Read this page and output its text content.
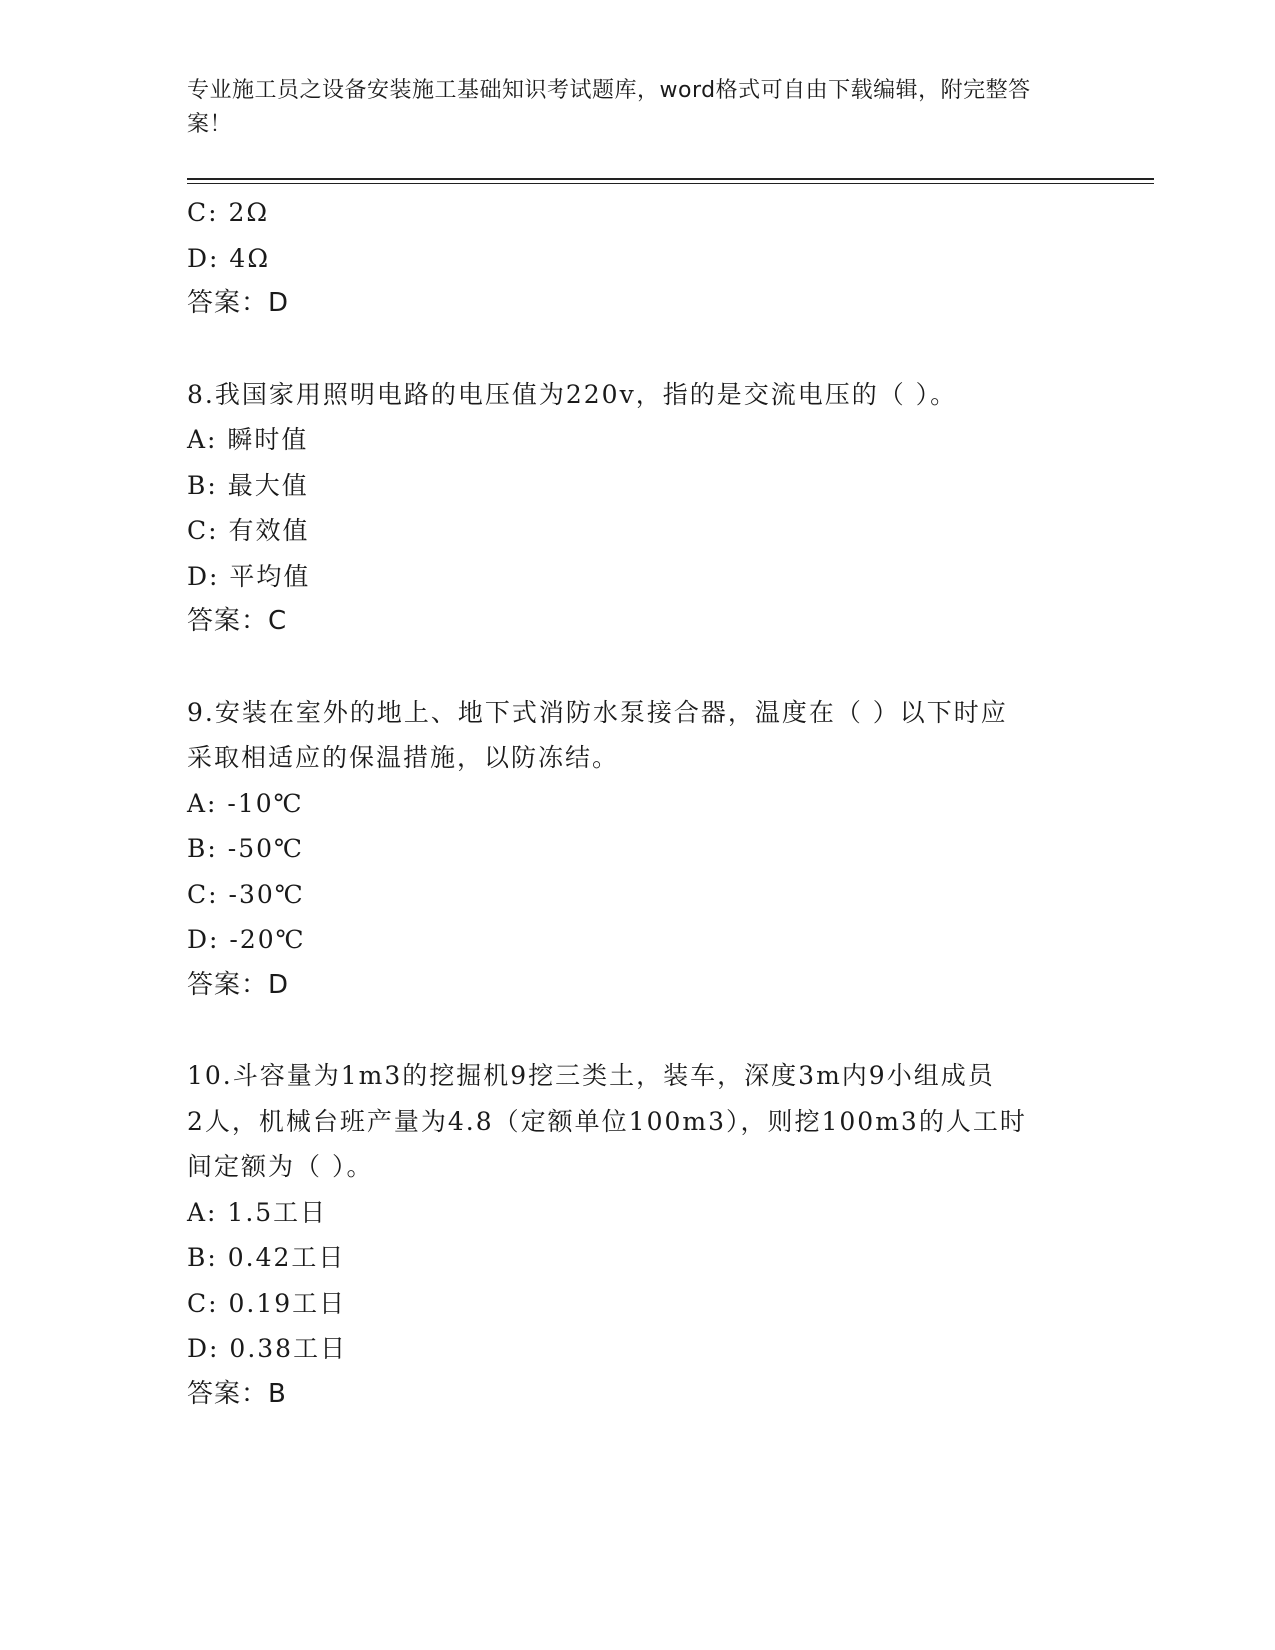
专业施工员之设备安装施工基础知识考试题库，word格式可自由下载编辑，附完整答案！
C: 2Ω
D: 4Ω
答案：D
8.我国家用照明电路的电压值为220v，指的是交流电压的（ ）。
A: 瞬时值
B: 最大值
C: 有效值
D: 平均值
答案：C
9.安装在室外的地上、地下式消防水泵接合器，温度在（ ）以下时应
采取相适应的保温措施，以防冻结。
A: -10℃
B: -50℃
C: -30℃
D: -20℃
答案：D
10.斗容量为1m3的挖掘机9挖三类土，装车，深度3m内9小组成员
2人，机械台班产量为4.8（定额单位100m3），则挖100m3的人工时
间定额为（ ）。
A: 1.5工日
B: 0.42工日
C: 0.19工日
D: 0.38工日
答案：B
